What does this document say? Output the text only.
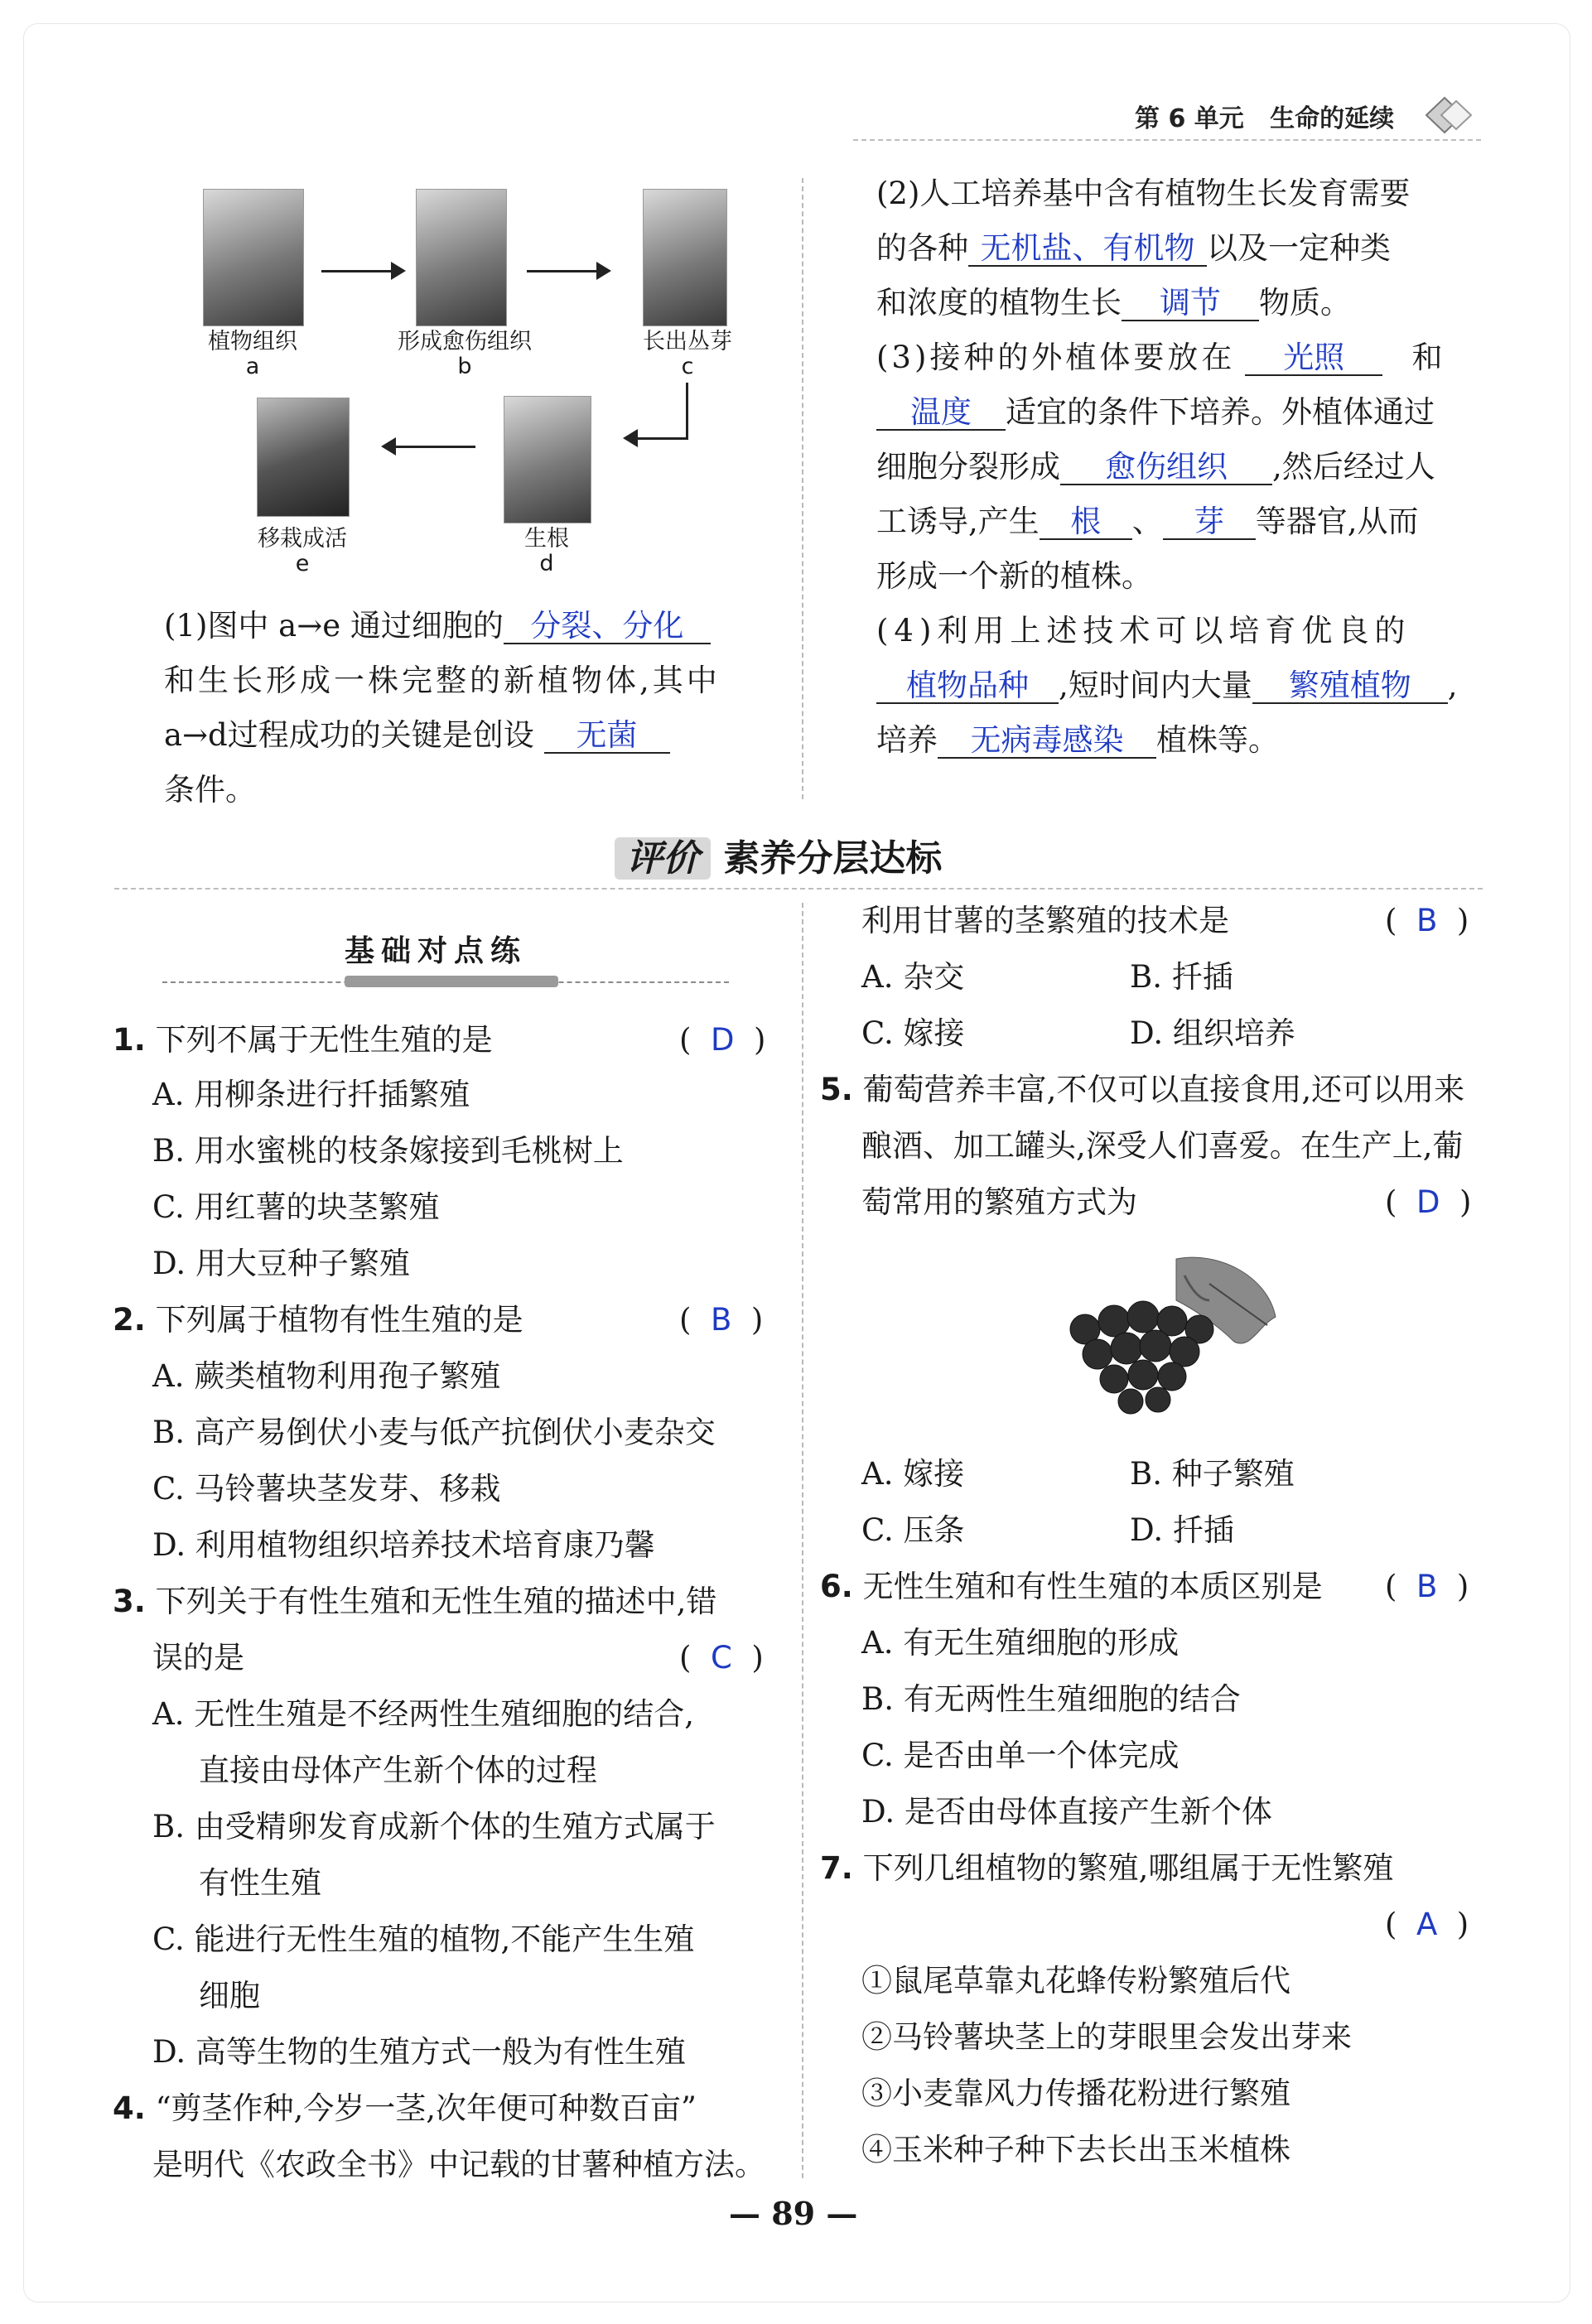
第 6 单元 生命的延续
植物组织
a
形成愈伤组织
b
长出丛芽
c
生根
d
移栽成活
e
(1)图中 a→e 通过细胞的 分裂、分化
和生长形成一株完整的新植物体,其中
a→d过程成功的关键是创设 无菌
条件。
(2)人工培养基中含有植物生长发育需要
的各种 无机盐、有机物 以及一定种类
和浓度的植物生长 调节 物质。
(3)接种的外植体要放在 光照 和
温度 适宜的条件下培养。外植体通过
细胞分裂形成 愈伤组织 ,然后经过人
工诱导,产生 根 、 芽 等器官,从而
形成一个新的植株。
(4)利用上述技术可以培育优良的
植物品种 ,短时间内大量 繁殖植物 ,
培养 无病毒感染 植株等。
评价 素养分层达标
基础对点练
1. 下列不属于无性生殖的是	(  D  )
A. 用柳条进行扦插繁殖
B. 用水蜜桃的枝条嫁接到毛桃树上
C. 用红薯的块茎繁殖
D. 用大豆种子繁殖
2. 下列属于植物有性生殖的是	(  B  )
A. 蕨类植物利用孢子繁殖
B. 高产易倒伏小麦与低产抗倒伏小麦杂交
C. 马铃薯块茎发芽、移栽
D. 利用植物组织培养技术培育康乃馨
3. 下列关于有性生殖和无性生殖的描述中,错
误的是	(  C  )
A. 无性生殖是不经两性生殖细胞的结合,
直接由母体产生新个体的过程
B. 由受精卵发育成新个体的生殖方式属于
有性生殖
C. 能进行无性生殖的植物,不能产生生殖
细胞
D. 高等生物的生殖方式一般为有性生殖
4. “剪茎作种,今岁一茎,次年便可种数百亩”
是明代《农政全书》中记载的甘薯种植方法。
利用甘薯的茎繁殖的技术是	(  B  )
A. 杂交	B. 扦插
C. 嫁接	D. 组织培养
5. 葡萄营养丰富,不仅可以直接食用,还可以用来
酿酒、加工罐头,深受人们喜爱。在生产上,葡
萄常用的繁殖方式为	(  D  )
A. 嫁接	B. 种子繁殖
C. 压条	D. 扦插
6. 无性生殖和有性生殖的本质区别是 (  B  )
A. 有无生殖细胞的形成
B. 有无两性生殖细胞的结合
C. 是否由单一个体完成
D. 是否由母体直接产生新个体
7. 下列几组植物的繁殖,哪组属于无性繁殖
(  A  )
①鼠尾草靠丸花蜂传粉繁殖后代
②马铃薯块茎上的芽眼里会发出芽来
③小麦靠风力传播花粉进行繁殖
④玉米种子种下去长出玉米植株
— 89 —
